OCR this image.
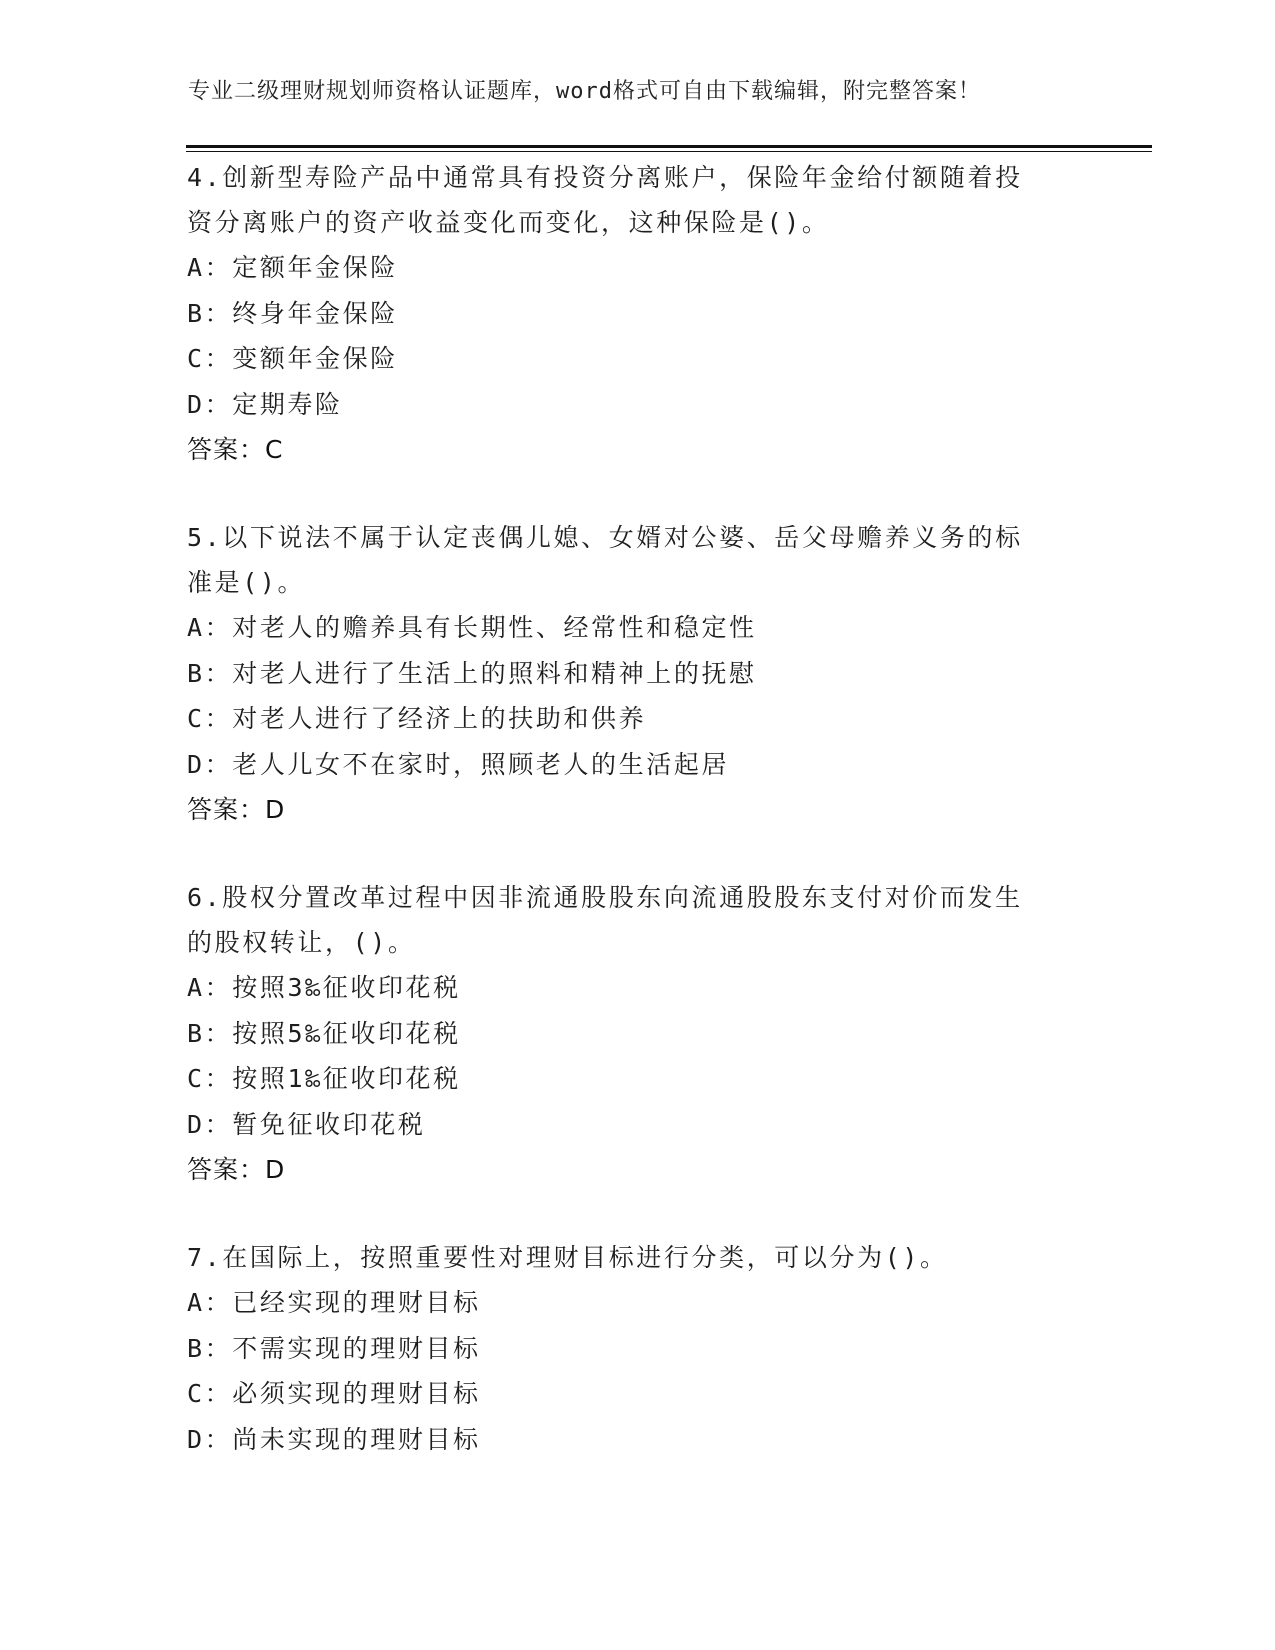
专业二级理财规划师资格认证题库，word格式可自由下载编辑，附完整答案！
4.创新型寿险产品中通常具有投资分离账户，保险年金给付额随着投
资分离账户的资产收益变化而变化，这种保险是()。
A：定额年金保险
B：终身年金保险
C：变额年金保险
D：定期寿险
答案：C
5.以下说法不属于认定丧偶儿媳、女婿对公婆、岳父母赡养义务的标
准是()。
A：对老人的赡养具有长期性、经常性和稳定性
B：对老人进行了生活上的照料和精神上的抚慰
C：对老人进行了经济上的扶助和供养
D：老人儿女不在家时，照顾老人的生活起居
答案：D
6.股权分置改革过程中因非流通股股东向流通股股东支付对价而发生
的股权转让，()。
A：按照3‰征收印花税
B：按照5‰征收印花税
C：按照1‰征收印花税
D：暂免征收印花税
答案：D
7.在国际上，按照重要性对理财目标进行分类，可以分为()。
A：已经实现的理财目标
B：不需实现的理财目标
C：必须实现的理财目标
D：尚未实现的理财目标
